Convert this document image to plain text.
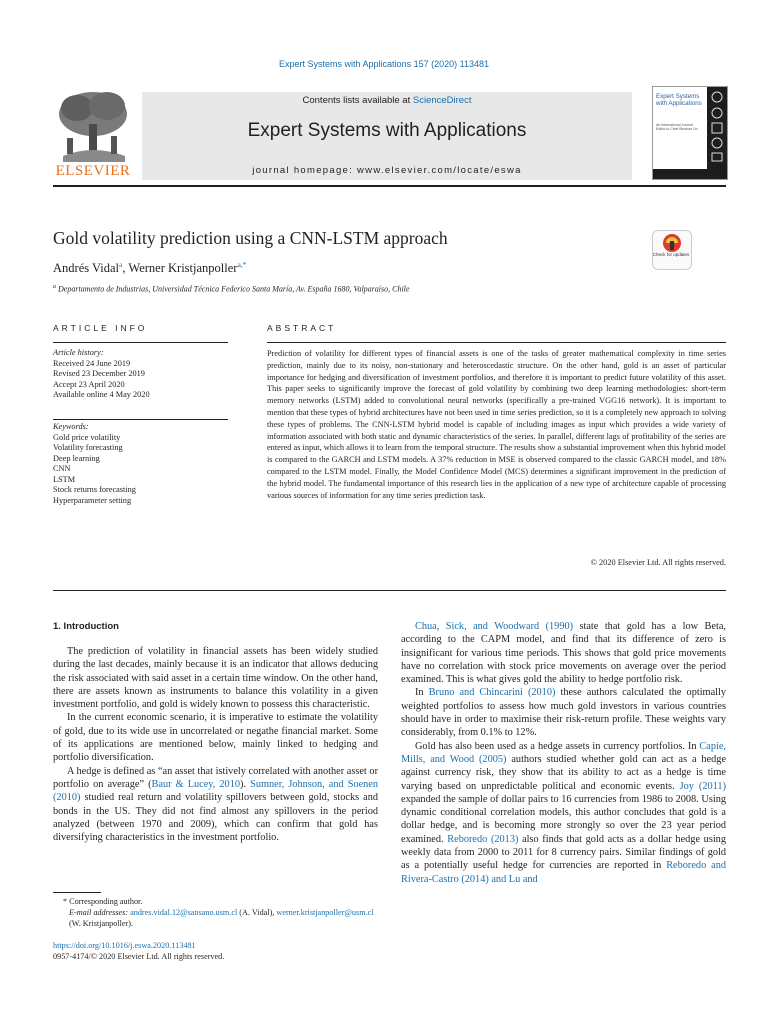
Expert Systems with Applications 157 (2020) 113481
ELSEVIER
Contents lists available at ScienceDirect
Expert Systems with Applications
journal homepage: www.elsevier.com/locate/eswa
Expert Systems with Applications
An International Journal
Editor-in-Chief Binshan Lin
Gold volatility prediction using a CNN-LSTM approach
Check for updates
Andrés Vidal$^a$, Werner Kristjanpoller$^{a,*}$
$^a$ Departamento de Industrias, Universidad Técnica Federico Santa María, Av. España 1680, Valparaíso, Chile
ARTICLE INFO
Article history:
Received 24 June 2019
Revised 23 December 2019
Accept 23 April 2020
Available online 4 May 2020
Keywords:
Gold price volatility
Volatility forecasting
Deep learning
CNN
LSTM
Stock returns forecasting
Hyperparameter setting
ABSTRACT
Prediction of volatility for different types of financial assets is one of the tasks of greater mathematical complexity in time series prediction, mainly due to its noisy, non-stationary and heteroscedastic structure. On the other hand, gold is an asset of particular importance for hedging and diversification of investment portfolios, and therefore it is important to predict future volatility of this asset. This paper seeks to significantly improve the forecast of gold volatility by combining two deep learning methodologies: short-term memory networks (LSTM) added to convolutional neural networks (specifically a pre-trained VGG16 network). It is important to mention that these types of hybrid architectures have not been used in time series prediction, so it is a completely new approach to solving these types of problems. The CNN-LSTM hybrid model is capable of including images as input which provides a wide variety of information associated with both static and dynamic characteristics of the series. In parallel, different lags of profitability of the series are entered as input, which allows it to learn from the temporal structure. The results show a substantial improvement when this hybrid model is compared to the GARCH and LSTM models. A 37% reduction in MSE is observed compared to the classic GARCH model, and 18% compared to the LSTM model. Finally, the Model Confidence Model (MCS) determines a significant improvement in the prediction of the hybrid model. The fundamental importance of this research lies in the application of a new type of architecture capable of processing various sources of information for any time series prediction task.
© 2020 Elsevier Ltd. All rights reserved.
1. Introduction

The prediction of volatility in financial assets has been widely studied during the last decades, mainly because it is an indicator that allows deducing the risk associated with said asset in a certain time window. On the other hand, there are assets known as instruments to balance this volatility in a given investment portfolio, and gold is widely known to possess this characteristic.

In the current economic scenario, it is imperative to estimate the volatility of gold, due to its wide use in uncorrelated or negathe financial market. Some of its applications are mentioned below, mainly linked to hedging and portfolio diversification.

A hedge is defined as “an asset that istively correlated with another asset or portfolio on average” (Baur & Lucey, 2010). Sumner, Johnson, and Soenen (2010) studied real return and volatility spillovers between gold, stocks and bonds in the US. They did not find almost any spillovers in the period analyzed (between 1970 and 2009), which can confirm that gold has diversifying characteristics in the investment portfolio.

Chua, Sick, and Woodward (1990) state that gold has a low Beta, according to the CAPM model, and find that its difference of zero is insignificant for various time periods. This shows that gold price movements have no correlation with stock price movements on average over the period examined. This is what gives gold the ability to hedge portfolio risk.

In Bruno and Chincarini (2010) these authors calculated the optimally weighted portfolios to assess how much gold investors in various countries should have in order to maximise their risk-return profile. These weights vary considerably, from 0.1% to 12%.

Gold has also been used as a hedge assets in currency portfolios. In Capie, Mills, and Wood (2005) authors studied whether gold can act as a hedge against currency risk, they show that its ability to act as a hedge is time varying based on unpredictable political and economic events. Joy (2011) expanded the sample of dollar pairs to 16 currencies from 1986 to 2008. Using dynamic conditional correlation models, this author concludes that gold is a dollar hedge, and is becoming more strongly so over the 23 year period examined. Reboredo (2013) also finds that gold acts as a dollar hedge using weekly data from 2000 to 2011 for 8 currency pairs. Similar findings of gold as a potentially useful hedge for currencies are reported in Reboredo and Rivera-Castro (2014) and Lu and

* Corresponding author.
E-mail addresses: andres.vidal.12@sansano.usm.cl (A. Vidal), werner.kristjanpoller@usm.cl (W. Kristjanpoller).
https://doi.org/10.1016/j.eswa.2020.113481
0957-4174/© 2020 Elsevier Ltd. All rights reserved.
